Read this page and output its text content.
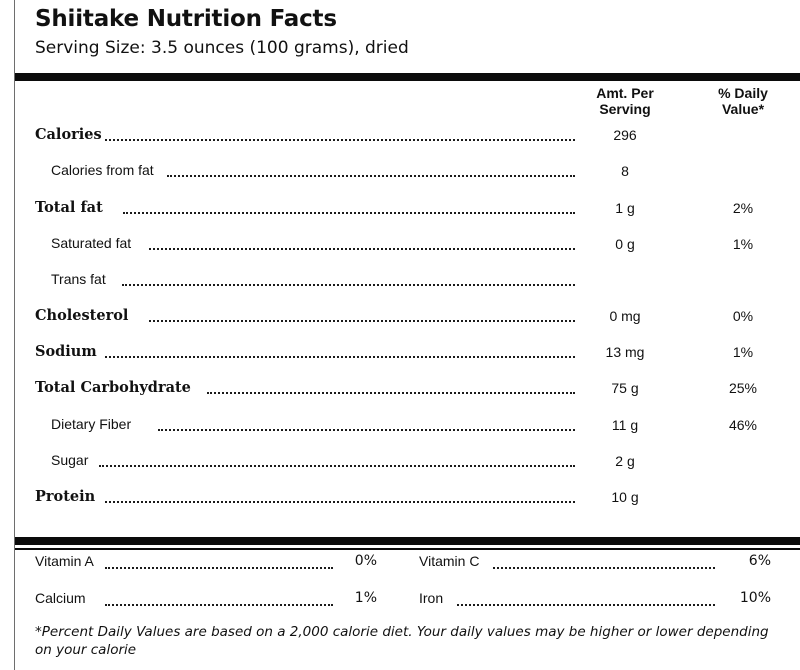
Shiitake Nutrition Facts
Serving Size: 3.5 ounces (100 grams), dried
Amt. Per
Serving
% Daily
Value*
Calories	296
Calories from fat	8
Total fat	1 g	2%
Saturated fat	0 g	1%
Trans fat
Cholesterol	0 mg	0%
Sodium	13 mg	1%
Total Carbohydrate	75 g	25%
Dietary Fiber	11 g	46%
Sugar	2 g
Protein	10 g
Vitamin A	0%	Vitamin C	6%
Calcium	1%	Iron	10%
*Percent Daily Values are based on a 2,000 calorie diet. Your daily values may be higher or lower depending on your calorie
